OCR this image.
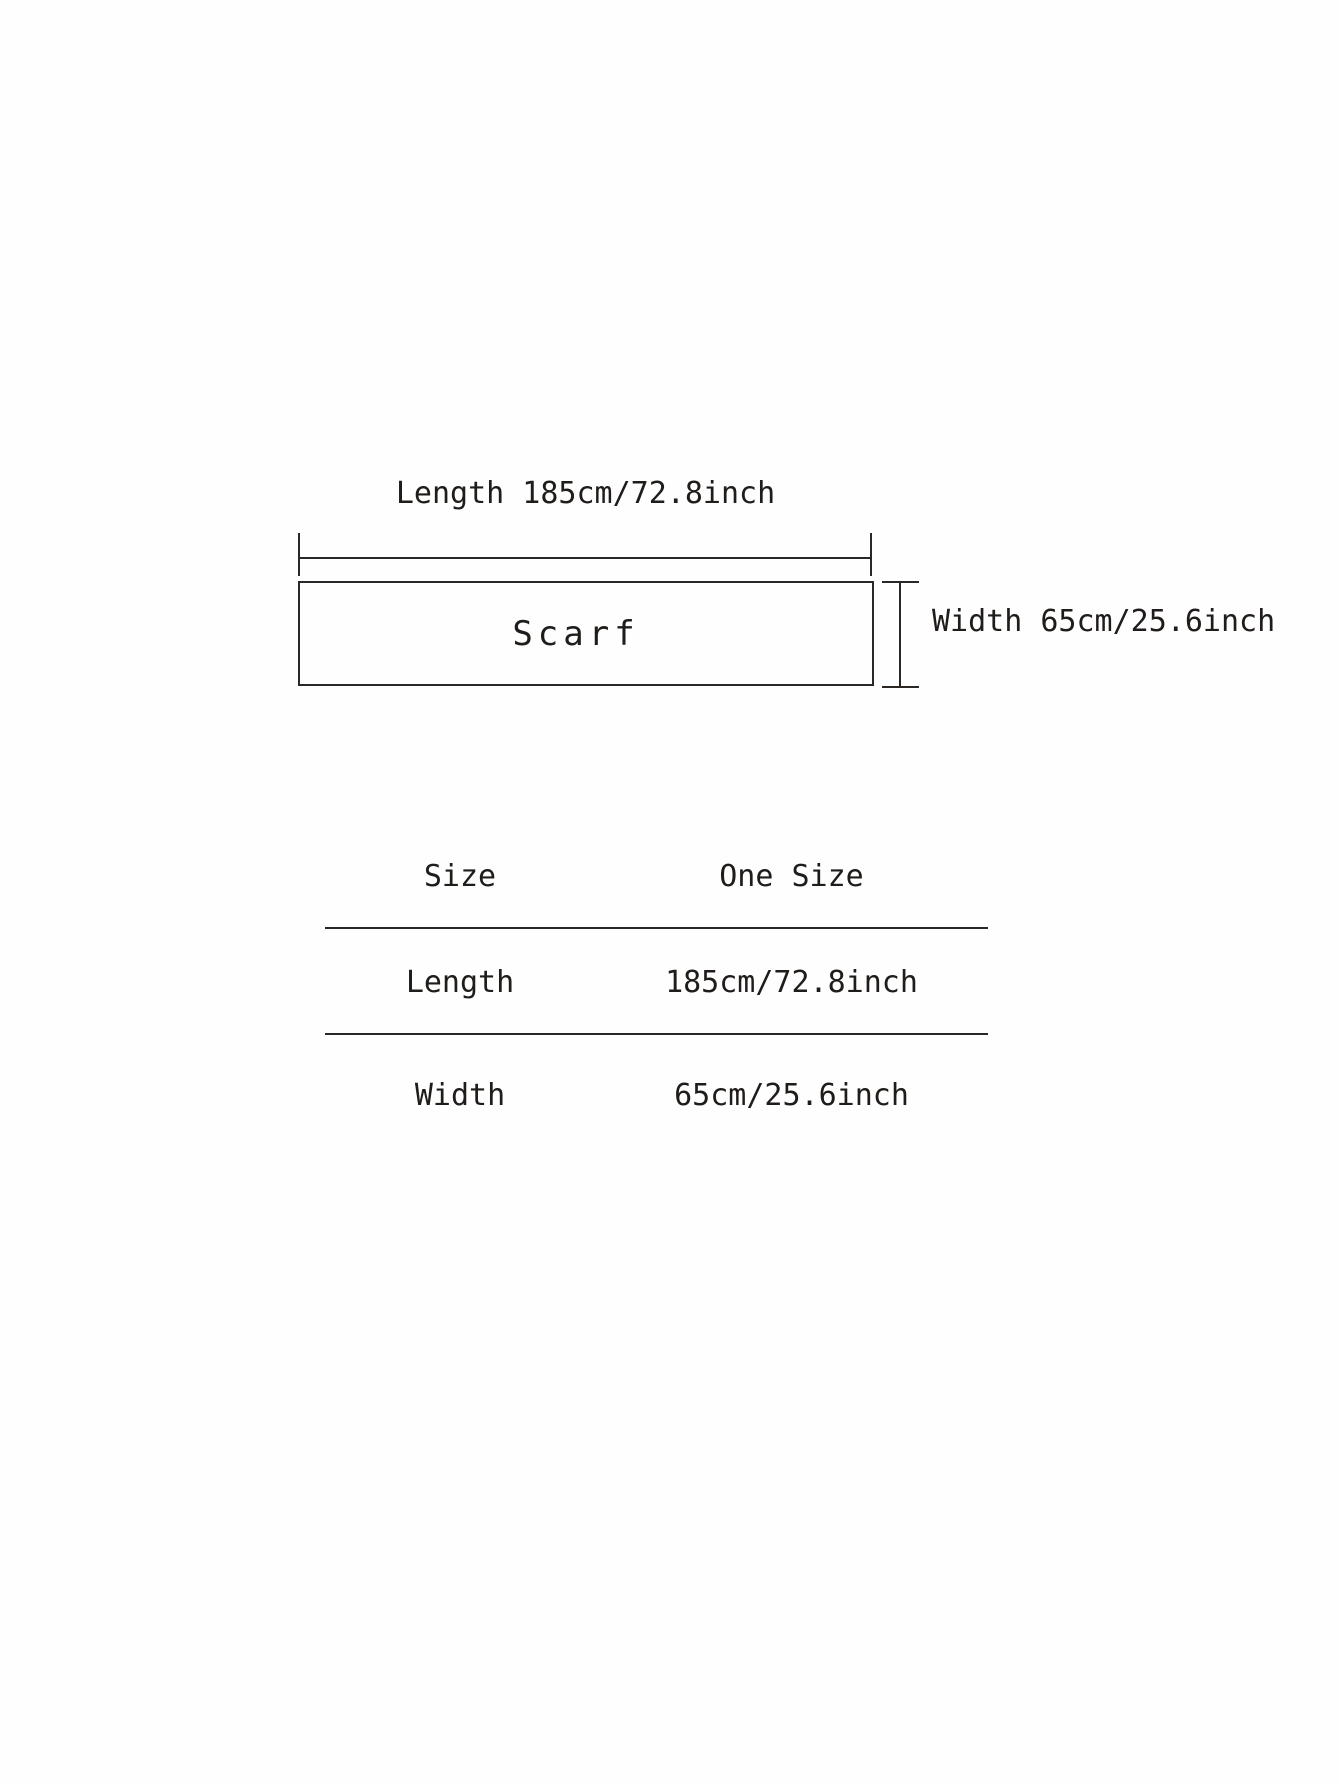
Length 185cm/72.8inch
Scarf	Width 65cm/25.6inch
Size	One Size
Length	185cm/72.8inch
Width	65cm/25.6inch
